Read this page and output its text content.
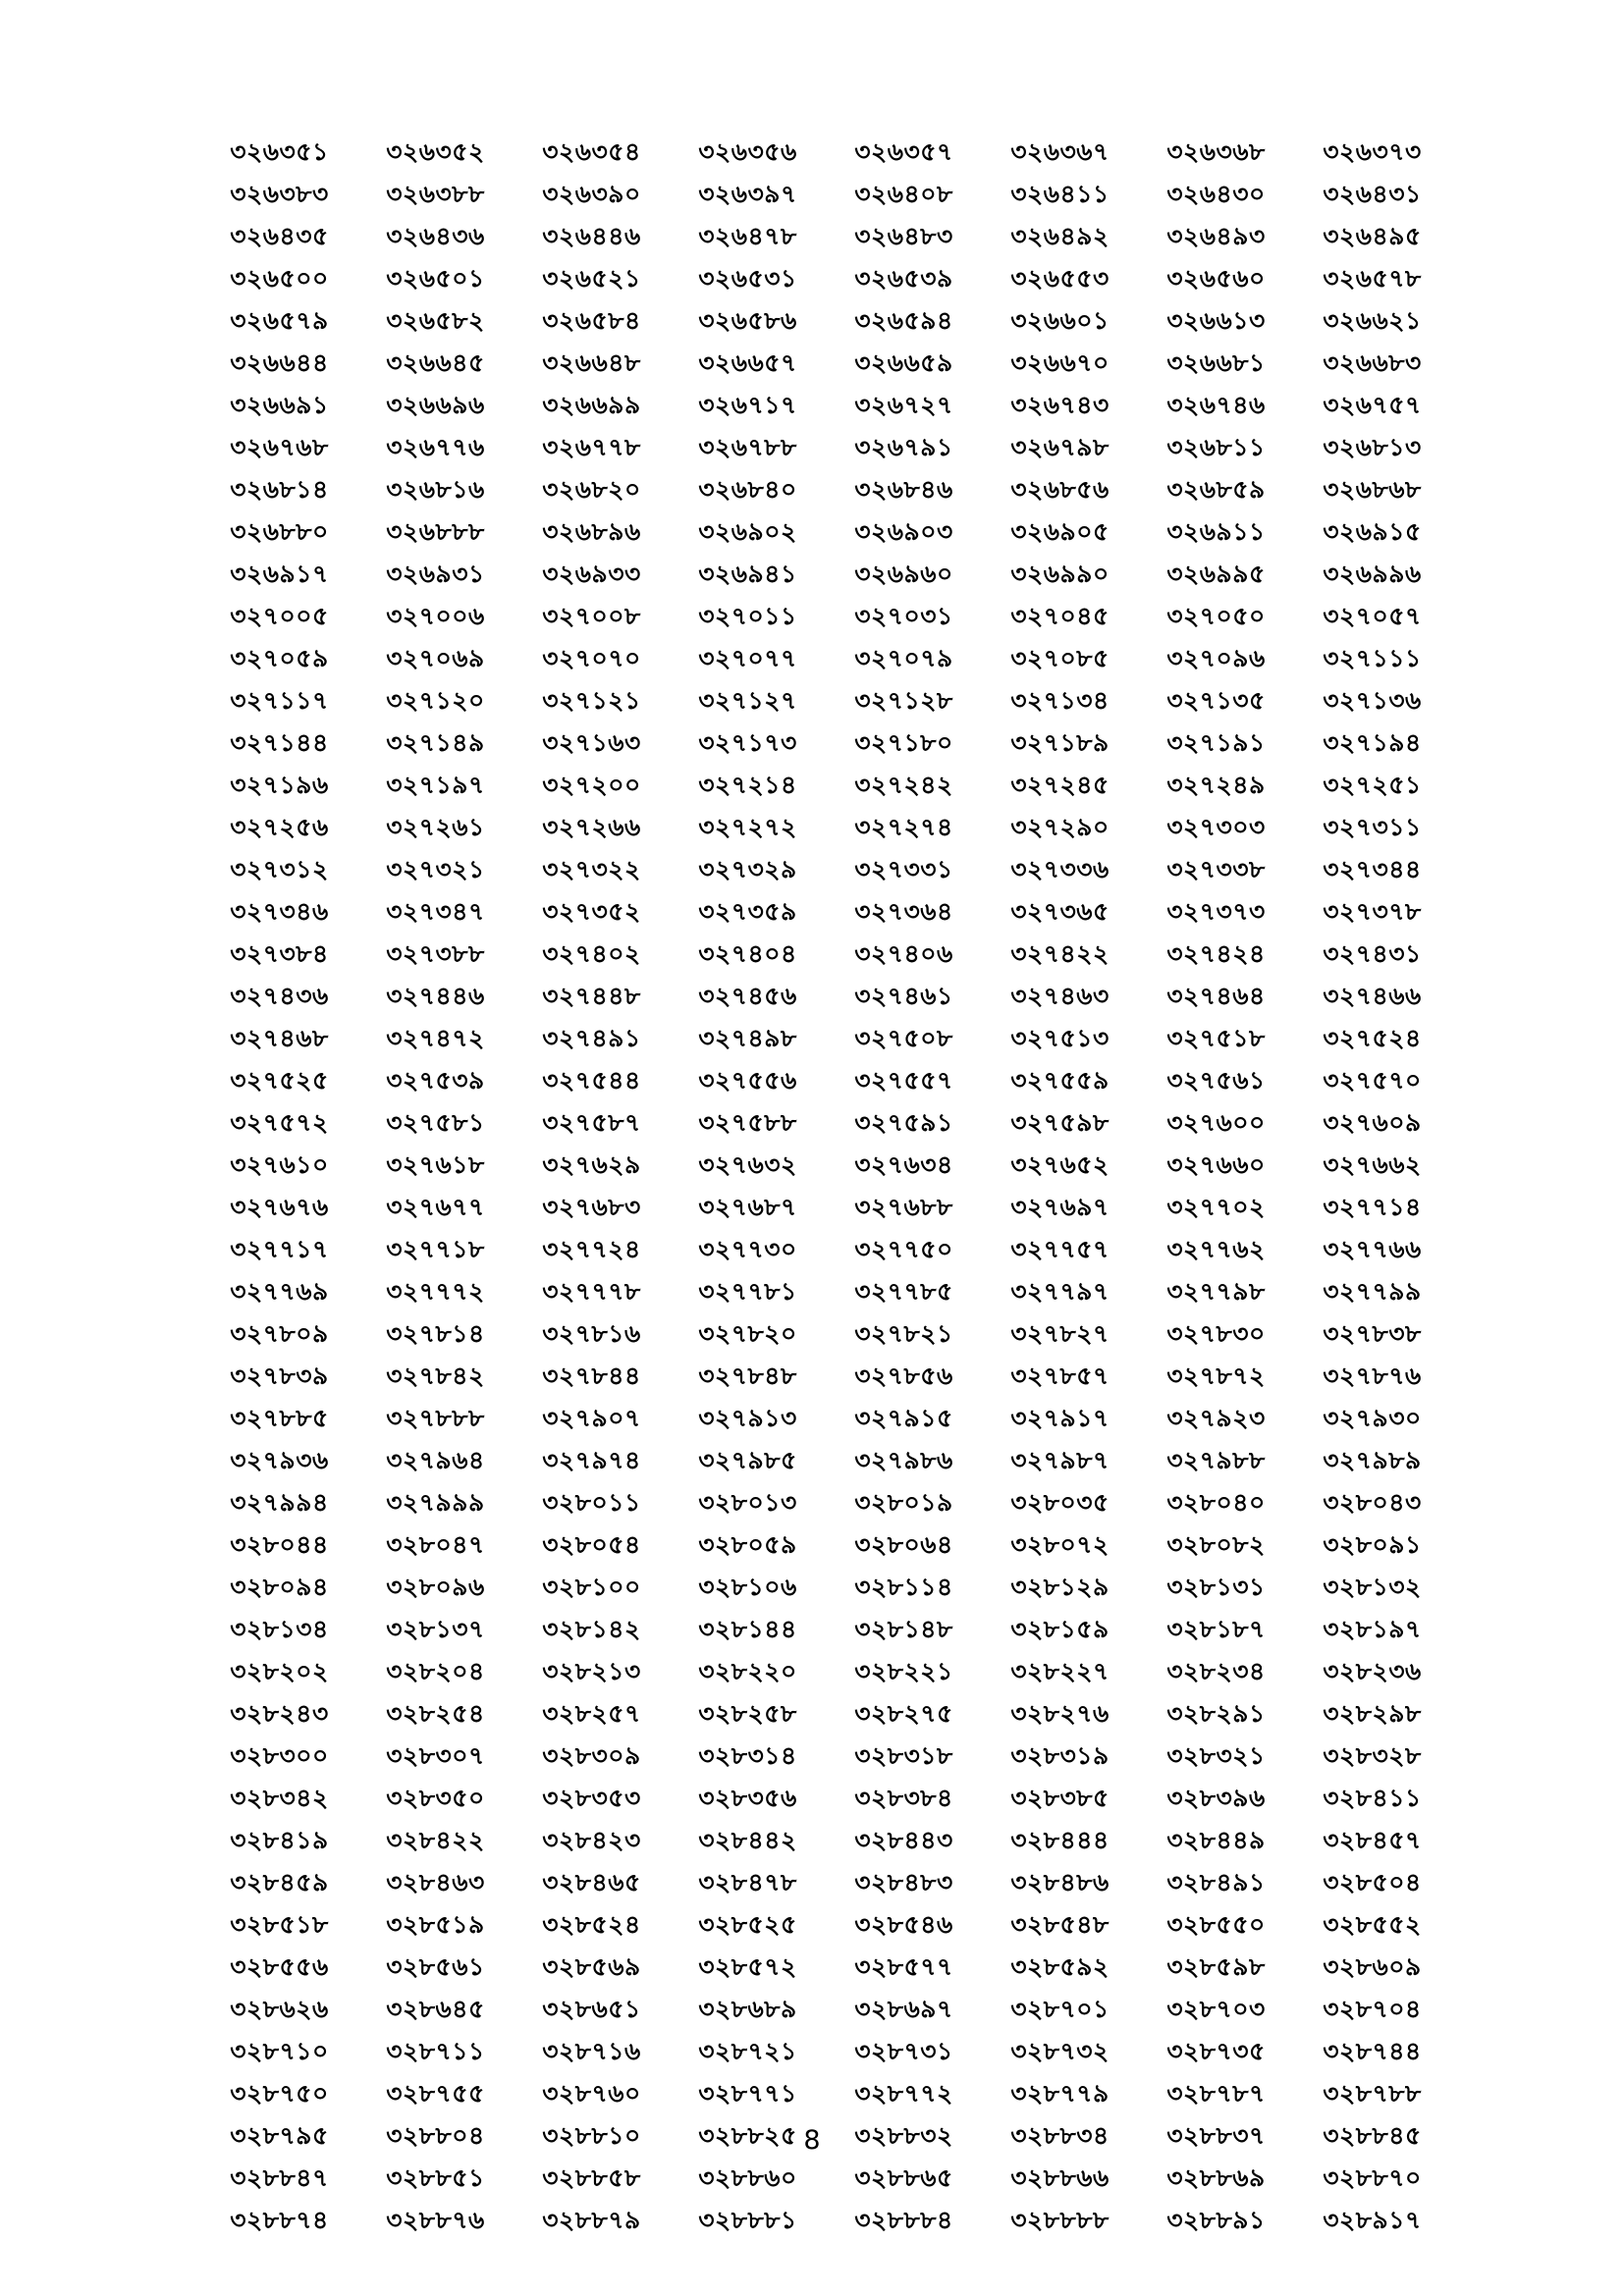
৩২৬৩৫১	৩২৬৩৫২	৩২৬৩৫৪	৩২৬৩৫৬	৩২৬৩৫৭	৩২৬৩৬৭	৩২৬৩৬৮	৩২৬৩৭৩
৩২৬৩৮৩	৩২৬৩৮৮	৩২৬৩৯০	৩২৬৩৯৭	৩২৬৪০৮	৩২৬৪১১	৩২৬৪৩০	৩২৬৪৩১
৩২৬৪৩৫	৩২৬৪৩৬	৩২৬৪৪৬	৩২৬৪৭৮	৩২৬৪৮৩	৩২৬৪৯২	৩২৬৪৯৩	৩২৬৪৯৫
৩২৬৫০০	৩২৬৫০১	৩২৬৫২১	৩২৬৫৩১	৩২৬৫৩৯	৩২৬৫৫৩	৩২৬৫৬০	৩২৬৫৭৮
৩২৬৫৭৯	৩২৬৫৮২	৩২৬৫৮৪	৩২৬৫৮৬	৩২৬৫৯৪	৩২৬৬০১	৩২৬৬১৩	৩২৬৬২১
৩২৬৬৪৪	৩২৬৬৪৫	৩২৬৬৪৮	৩২৬৬৫৭	৩২৬৬৫৯	৩২৬৬৭০	৩২৬৬৮১	৩২৬৬৮৩
৩২৬৬৯১	৩২৬৬৯৬	৩২৬৬৯৯	৩২৬৭১৭	৩২৬৭২৭	৩২৬৭৪৩	৩২৬৭৪৬	৩২৬৭৫৭
৩২৬৭৬৮	৩২৬৭৭৬	৩২৬৭৭৮	৩২৬৭৮৮	৩২৬৭৯১	৩২৬৭৯৮	৩২৬৮১১	৩২৬৮১৩
৩২৬৮১৪	৩২৬৮১৬	৩২৬৮২০	৩২৬৮৪০	৩২৬৮৪৬	৩২৬৮৫৬	৩২৬৮৫৯	৩২৬৮৬৮
৩২৬৮৮০	৩২৬৮৮৮	৩২৬৮৯৬	৩২৬৯০২	৩২৬৯০৩	৩২৬৯০৫	৩২৬৯১১	৩২৬৯১৫
৩২৬৯১৭	৩২৬৯৩১	৩২৬৯৩৩	৩২৬৯৪১	৩২৬৯৬০	৩২৬৯৯০	৩২৬৯৯৫	৩২৬৯৯৬
৩২৭০০৫	৩২৭০০৬	৩২৭০০৮	৩২৭০১১	৩২৭০৩১	৩২৭০৪৫	৩২৭০৫০	৩২৭০৫৭
৩২৭০৫৯	৩২৭০৬৯	৩২৭০৭০	৩২৭০৭৭	৩২৭০৭৯	৩২৭০৮৫	৩২৭০৯৬	৩২৭১১১
৩২৭১১৭	৩২৭১২০	৩২৭১২১	৩২৭১২৭	৩২৭১২৮	৩২৭১৩৪	৩২৭১৩৫	৩২৭১৩৬
৩২৭১৪৪	৩২৭১৪৯	৩২৭১৬৩	৩২৭১৭৩	৩২৭১৮০	৩২৭১৮৯	৩২৭১৯১	৩২৭১৯৪
৩২৭১৯৬	৩২৭১৯৭	৩২৭২০০	৩২৭২১৪	৩২৭২৪২	৩২৭২৪৫	৩২৭২৪৯	৩২৭২৫১
৩২৭২৫৬	৩২৭২৬১	৩২৭২৬৬	৩২৭২৭২	৩২৭২৭৪	৩২৭২৯০	৩২৭৩০৩	৩২৭৩১১
৩২৭৩১২	৩২৭৩২১	৩২৭৩২২	৩২৭৩২৯	৩২৭৩৩১	৩২৭৩৩৬	৩২৭৩৩৮	৩২৭৩৪৪
৩২৭৩৪৬	৩২৭৩৪৭	৩২৭৩৫২	৩২৭৩৫৯	৩২৭৩৬৪	৩২৭৩৬৫	৩২৭৩৭৩	৩২৭৩৭৮
৩২৭৩৮৪	৩২৭৩৮৮	৩২৭৪০২	৩২৭৪০৪	৩২৭৪০৬	৩২৭৪২২	৩২৭৪২৪	৩২৭৪৩১
৩২৭৪৩৬	৩২৭৪৪৬	৩২৭৪৪৮	৩২৭৪৫৬	৩২৭৪৬১	৩২৭৪৬৩	৩২৭৪৬৪	৩২৭৪৬৬
৩২৭৪৬৮	৩২৭৪৭২	৩২৭৪৯১	৩২৭৪৯৮	৩২৭৫০৮	৩২৭৫১৩	৩২৭৫১৮	৩২৭৫২৪
৩২৭৫২৫	৩২৭৫৩৯	৩২৭৫৪৪	৩২৭৫৫৬	৩২৭৫৫৭	৩২৭৫৫৯	৩২৭৫৬১	৩২৭৫৭০
৩২৭৫৭২	৩২৭৫৮১	৩২৭৫৮৭	৩২৭৫৮৮	৩২৭৫৯১	৩২৭৫৯৮	৩২৭৬০০	৩২৭৬০৯
৩২৭৬১০	৩২৭৬১৮	৩২৭৬২৯	৩২৭৬৩২	৩২৭৬৩৪	৩২৭৬৫২	৩২৭৬৬০	৩২৭৬৬২
৩২৭৬৭৬	৩২৭৬৭৭	৩২৭৬৮৩	৩২৭৬৮৭	৩২৭৬৮৮	৩২৭৬৯৭	৩২৭৭০২	৩২৭৭১৪
৩২৭৭১৭	৩২৭৭১৮	৩২৭৭২৪	৩২৭৭৩০	৩২৭৭৫০	৩২৭৭৫৭	৩২৭৭৬২	৩২৭৭৬৬
৩২৭৭৬৯	৩২৭৭৭২	৩২৭৭৭৮	৩২৭৭৮১	৩২৭৭৮৫	৩২৭৭৯৭	৩২৭৭৯৮	৩২৭৭৯৯
৩২৭৮০৯	৩২৭৮১৪	৩২৭৮১৬	৩২৭৮২০	৩২৭৮২১	৩২৭৮২৭	৩২৭৮৩০	৩২৭৮৩৮
৩২৭৮৩৯	৩২৭৮৪২	৩২৭৮৪৪	৩২৭৮৪৮	৩২৭৮৫৬	৩২৭৮৫৭	৩২৭৮৭২	৩২৭৮৭৬
৩২৭৮৮৫	৩২৭৮৮৮	৩২৭৯০৭	৩২৭৯১৩	৩২৭৯১৫	৩২৭৯১৭	৩২৭৯২৩	৩২৭৯৩০
৩২৭৯৩৬	৩২৭৯৬৪	৩২৭৯৭৪	৩২৭৯৮৫	৩২৭৯৮৬	৩২৭৯৮৭	৩২৭৯৮৮	৩২৭৯৮৯
৩২৭৯৯৪	৩২৭৯৯৯	৩২৮০১১	৩২৮০১৩	৩২৮০১৯	৩২৮০৩৫	৩২৮০৪০	৩২৮০৪৩
৩২৮০৪৪	৩২৮০৪৭	৩২৮০৫৪	৩২৮০৫৯	৩২৮০৬৪	৩২৮০৭২	৩২৮০৮২	৩২৮০৯১
৩২৮০৯৪	৩২৮০৯৬	৩২৮১০০	৩২৮১০৬	৩২৮১১৪	৩২৮১২৯	৩২৮১৩১	৩২৮১৩২
৩২৮১৩৪	৩২৮১৩৭	৩২৮১৪২	৩২৮১৪৪	৩২৮১৪৮	৩২৮১৫৯	৩২৮১৮৭	৩২৮১৯৭
৩২৮২০২	৩২৮২০৪	৩২৮২১৩	৩২৮২২০	৩২৮২২১	৩২৮২২৭	৩২৮২৩৪	৩২৮২৩৬
৩২৮২৪৩	৩২৮২৫৪	৩২৮২৫৭	৩২৮২৫৮	৩২৮২৭৫	৩২৮২৭৬	৩২৮২৯১	৩২৮২৯৮
৩২৮৩০০	৩২৮৩০৭	৩২৮৩০৯	৩২৮৩১৪	৩২৮৩১৮	৩২৮৩১৯	৩২৮৩২১	৩২৮৩২৮
৩২৮৩৪২	৩২৮৩৫০	৩২৮৩৫৩	৩২৮৩৫৬	৩২৮৩৮৪	৩২৮৩৮৫	৩২৮৩৯৬	৩২৮৪১১
৩২৮৪১৯	৩২৮৪২২	৩২৮৪২৩	৩২৮৪৪২	৩২৮৪৪৩	৩২৮৪৪৪	৩২৮৪৪৯	৩২৮৪৫৭
৩২৮৪৫৯	৩২৮৪৬৩	৩২৮৪৬৫	৩২৮৪৭৮	৩২৮৪৮৩	৩২৮৪৮৬	৩২৮৪৯১	৩২৮৫০৪
৩২৮৫১৮	৩২৮৫১৯	৩২৮৫২৪	৩২৮৫২৫	৩২৮৫৪৬	৩২৮৫৪৮	৩২৮৫৫০	৩২৮৫৫২
৩২৮৫৫৬	৩২৮৫৬১	৩২৮৫৬৯	৩২৮৫৭২	৩২৮৫৭৭	৩২৮৫৯২	৩২৮৫৯৮	৩২৮৬০৯
৩২৮৬২৬	৩২৮৬৪৫	৩২৮৬৫১	৩২৮৬৮৯	৩২৮৬৯৭	৩২৮৭০১	৩২৮৭০৩	৩২৮৭০৪
৩২৮৭১০	৩২৮৭১১	৩২৮৭১৬	৩২৮৭২১	৩২৮৭৩১	৩২৮৭৩২	৩২৮৭৩৫	৩২৮৭৪৪
৩২৮৭৫০	৩২৮৭৫৫	৩২৮৭৬০	৩২৮৭৭১	৩২৮৭৭২	৩২৮৭৭৯	৩২৮৭৮৭	৩২৮৭৮৮
৩২৮৭৯৫	৩২৮৮০৪	৩২৮৮১০	৩২৮৮২৫	৩২৮৮৩২	৩২৮৮৩৪	৩২৮৮৩৭	৩২৮৮৪৫
৩২৮৮৪৭	৩২৮৮৫১	৩২৮৮৫৮	৩২৮৮৬০	৩২৮৮৬৫	৩২৮৮৬৬	৩২৮৮৬৯	৩২৮৮৭০
৩২৮৮৭৪	৩২৮৮৭৬	৩২৮৮৭৯	৩২৮৮৮১	৩২৮৮৮৪	৩২৮৮৮৮	৩২৮৮৯১	৩২৮৯১৭
8
